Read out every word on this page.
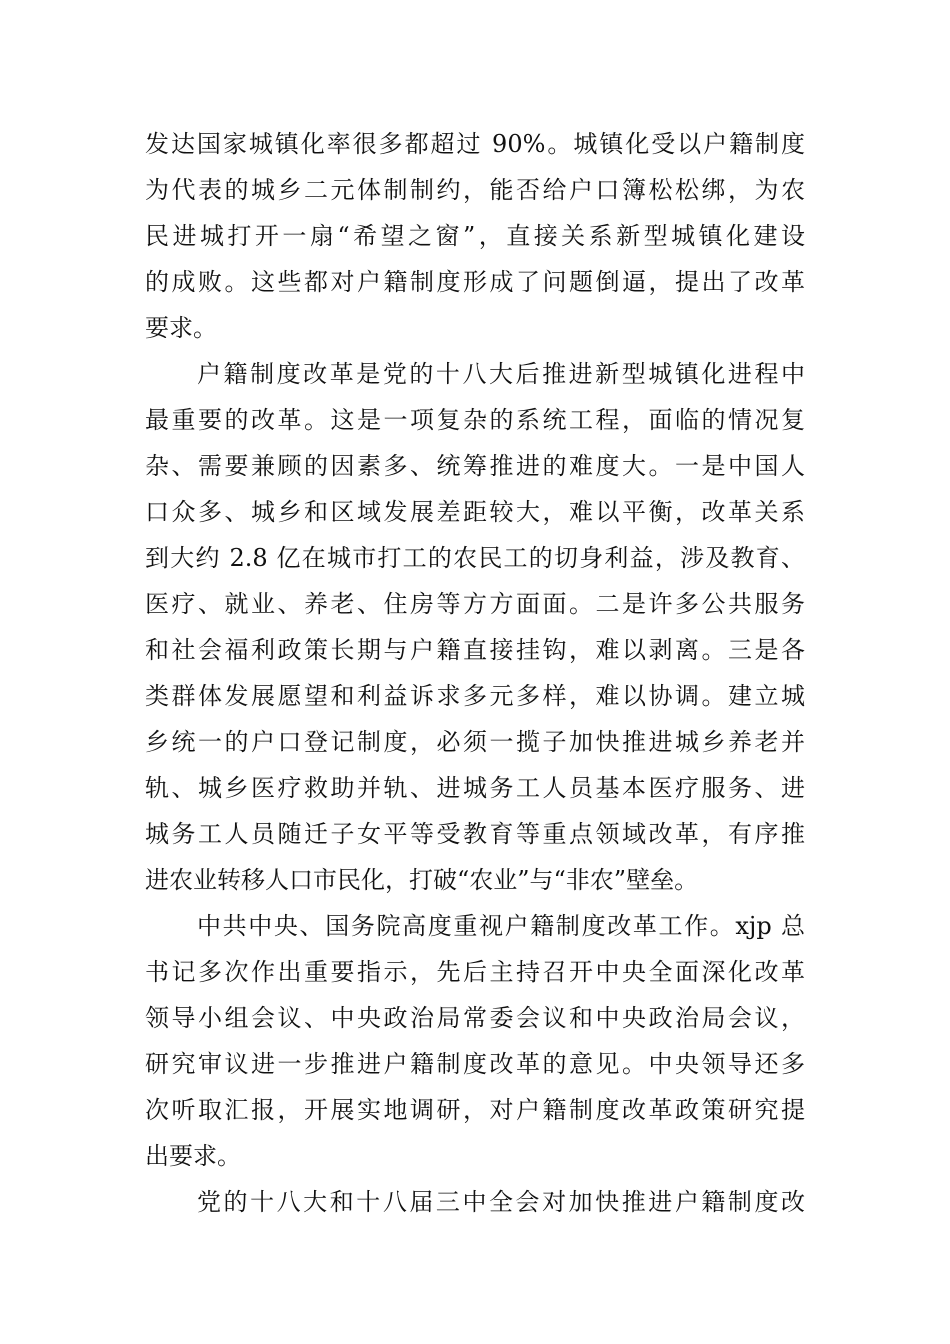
发达国家城镇化率很多都超过 90%。城镇化受以户籍制度
为代表的城乡二元体制制约，能否给户口簿松松绑，为农
民进城打开一扇“希望之窗”，直接关系新型城镇化建设
的成败。这些都对户籍制度形成了问题倒逼，提出了改革
要求。
户籍制度改革是党的十八大后推进新型城镇化进程中
最重要的改革。这是一项复杂的系统工程，面临的情况复
杂、需要兼顾的因素多、统筹推进的难度大。一是中国人
口众多、城乡和区域发展差距较大，难以平衡，改革关系
到大约 2.8 亿在城市打工的农民工的切身利益，涉及教育、
医疗、就业、养老、住房等方方面面。二是许多公共服务
和社会福利政策长期与户籍直接挂钩，难以剥离。三是各
类群体发展愿望和利益诉求多元多样，难以协调。建立城
乡统一的户口登记制度，必须一揽子加快推进城乡养老并
轨、城乡医疗救助并轨、进城务工人员基本医疗服务、进
城务工人员随迁子女平等受教育等重点领域改革，有序推
进农业转移人口市民化，打破“农业”与“非农”壁垒。
中共中央、国务院高度重视户籍制度改革工作。xjp 总
书记多次作出重要指示，先后主持召开中央全面深化改革
领导小组会议、中央政治局常委会议和中央政治局会议，
研究审议进一步推进户籍制度改革的意见。中央领导还多
次听取汇报，开展实地调研，对户籍制度改革政策研究提
出要求。
党的十八大和十八届三中全会对加快推进户籍制度改
